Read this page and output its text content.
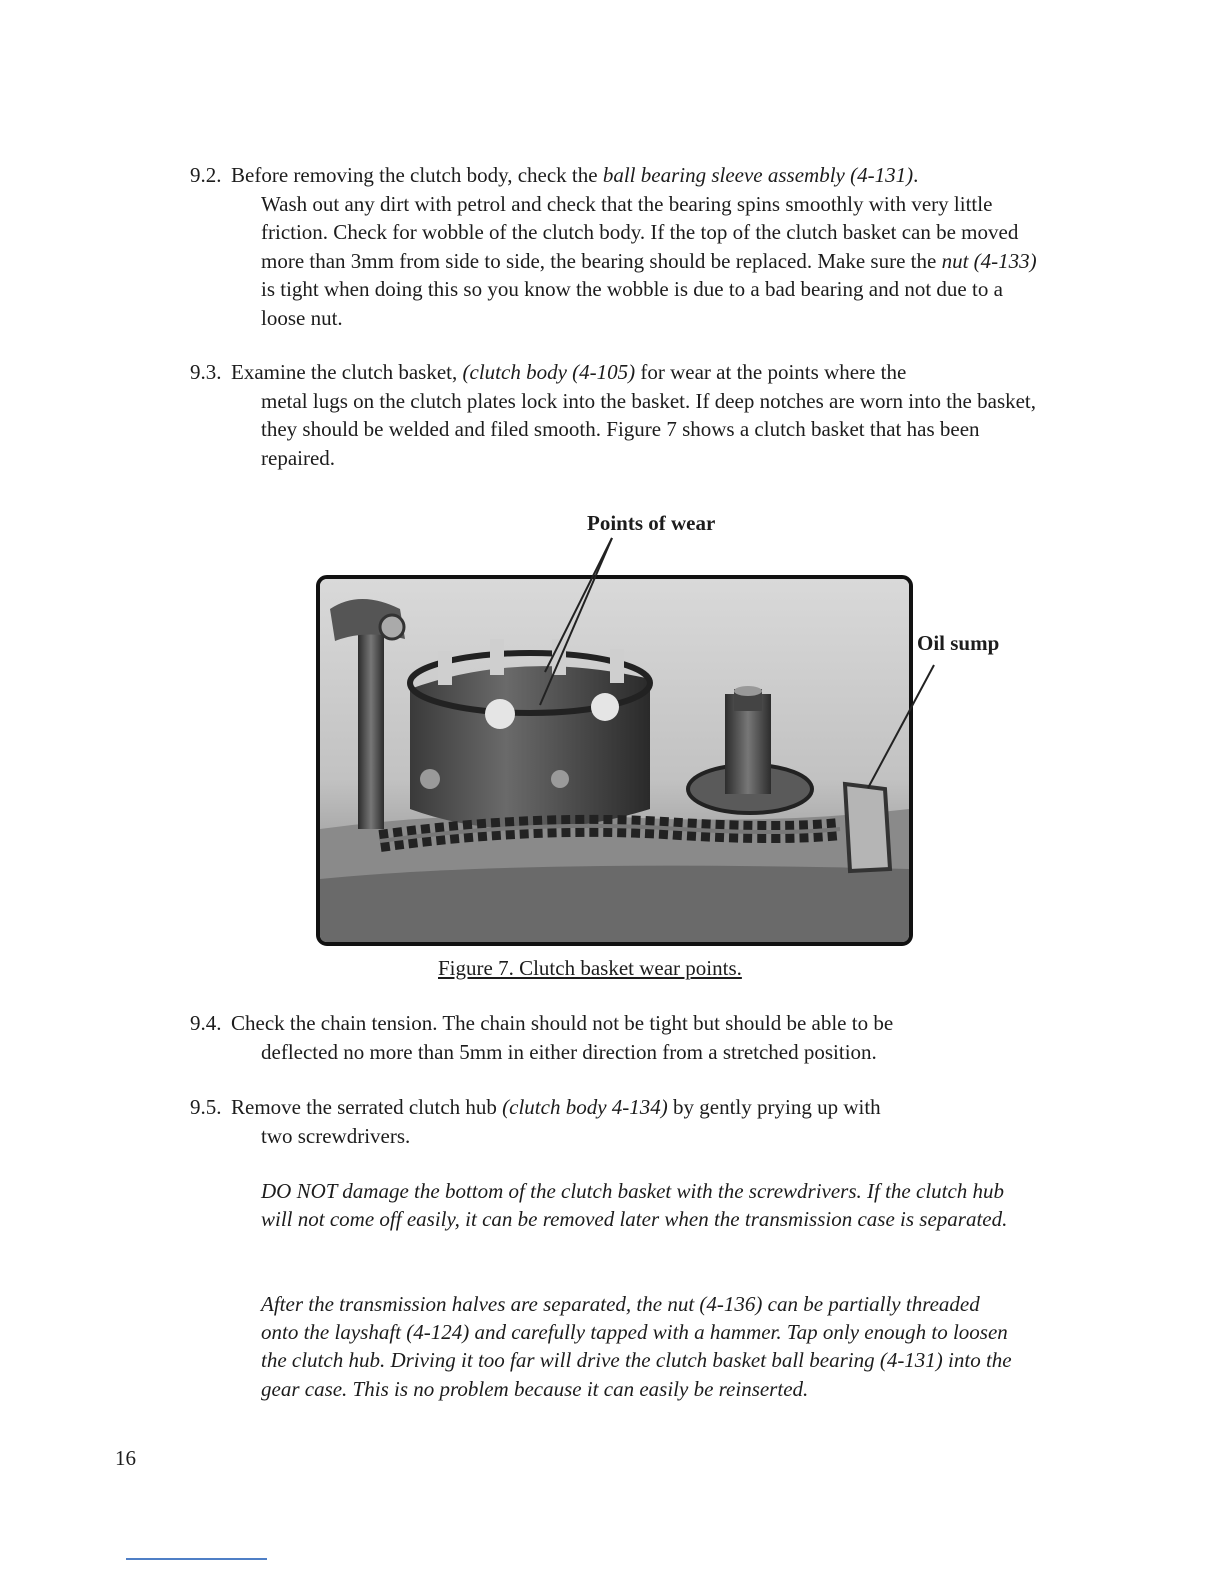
9.2. Before removing the clutch body, check the ball bearing sleeve assembly (4-131).
Wash out any dirt with petrol and check that the bearing spins smoothly with very little friction. Check for wobble of the clutch body. If the top of the clutch basket can be moved more than 3mm from side to side, the bearing should be replaced. Make sure the nut (4-133) is tight when doing this so you know the wobble is due to a bad bearing and not due to a loose nut.
9.3. Examine the clutch basket, (clutch body (4-105) for wear at the points where the
metal lugs on the clutch plates lock into the basket. If deep notches are worn into the basket, they should be welded and filed smooth. Figure 7 shows a clutch basket that has been repaired.
Points of wear
Oil sump
Figure 7. Clutch basket wear points.
9.4. Check the chain tension. The chain should not be tight but should be able to be
deflected no more than 5mm in either direction from a stretched position.
9.5. Remove the serrated clutch hub (clutch body 4-134) by gently prying up with
two screwdrivers.
DO NOT damage the bottom of the clutch basket with the screwdrivers. If the clutch hub will not come off easily, it can be removed later when the transmission case is separated.
After the transmission halves are separated, the nut (4-136) can be partially threaded onto the layshaft (4-124) and carefully tapped with a hammer. Tap only enough to loosen the clutch hub. Driving it too far will drive the clutch basket ball bearing (4-131) into the gear case. This is no problem because it can easily be reinserted.
16
